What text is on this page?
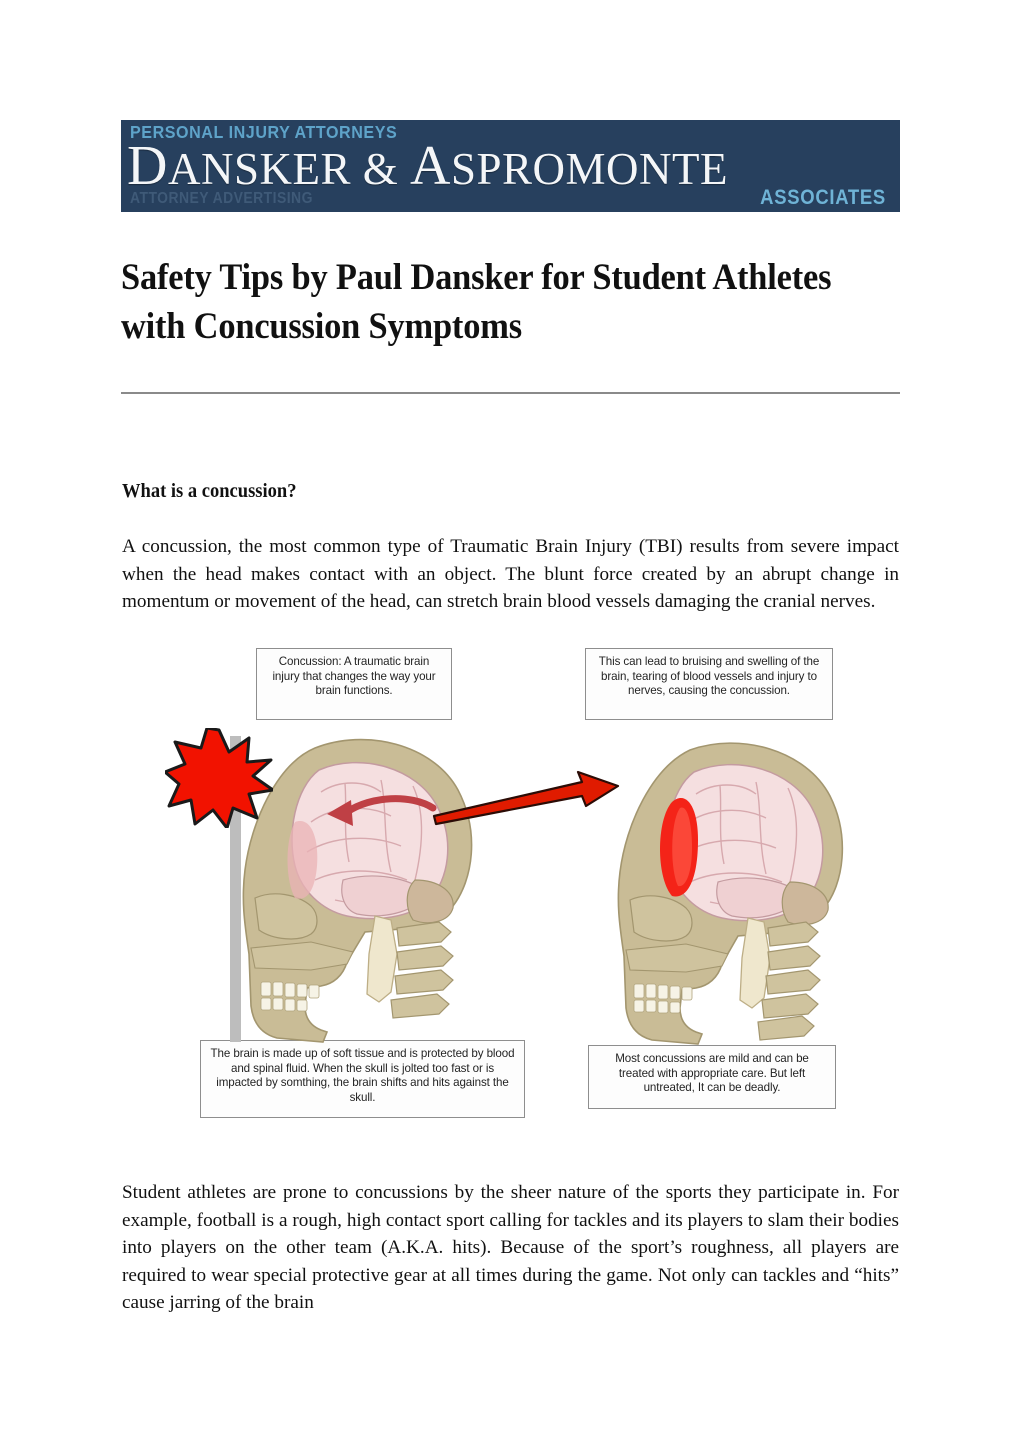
PERSONAL INJURY ATTORNEYS
DANSKER & ASPROMONTE
ATTORNEY ADVERTISING	ASSOCIATES
Safety Tips by Paul Dansker for Student Athletes with Concussion Symptoms
What is a concussion?

A concussion, the most common type of Traumatic Brain Injury (TBI) results from severe impact when the head makes contact with an object. The blunt force created by an abrupt change in momentum or movement of the head, can stretch brain blood vessels damaging the cranial nerves.

Concussion: A traumatic brain injury that changes the way your brain functions.
This can lead to bruising and swelling of the brain, tearing of blood vessels and injury to nerves, causing the concussion.
The brain is made up of soft tissue and is protected by blood and spinal fluid. When the skull is jolted too fast or is impacted by somthing, the brain shifts and hits against the skull.
Most concussions are mild and can be treated with appropriate care. But left untreated, It can be deadly.

Student athletes are prone to concussions by the sheer nature of the sports they participate in. For example, football is a rough, high contact sport calling for tackles and its players to slam their bodies into players on the other team (A.K.A. hits). Because of the sport’s roughness, all players are required to wear special protective gear at all times during the game. Not only can tackles and “hits” cause jarring of the brain
